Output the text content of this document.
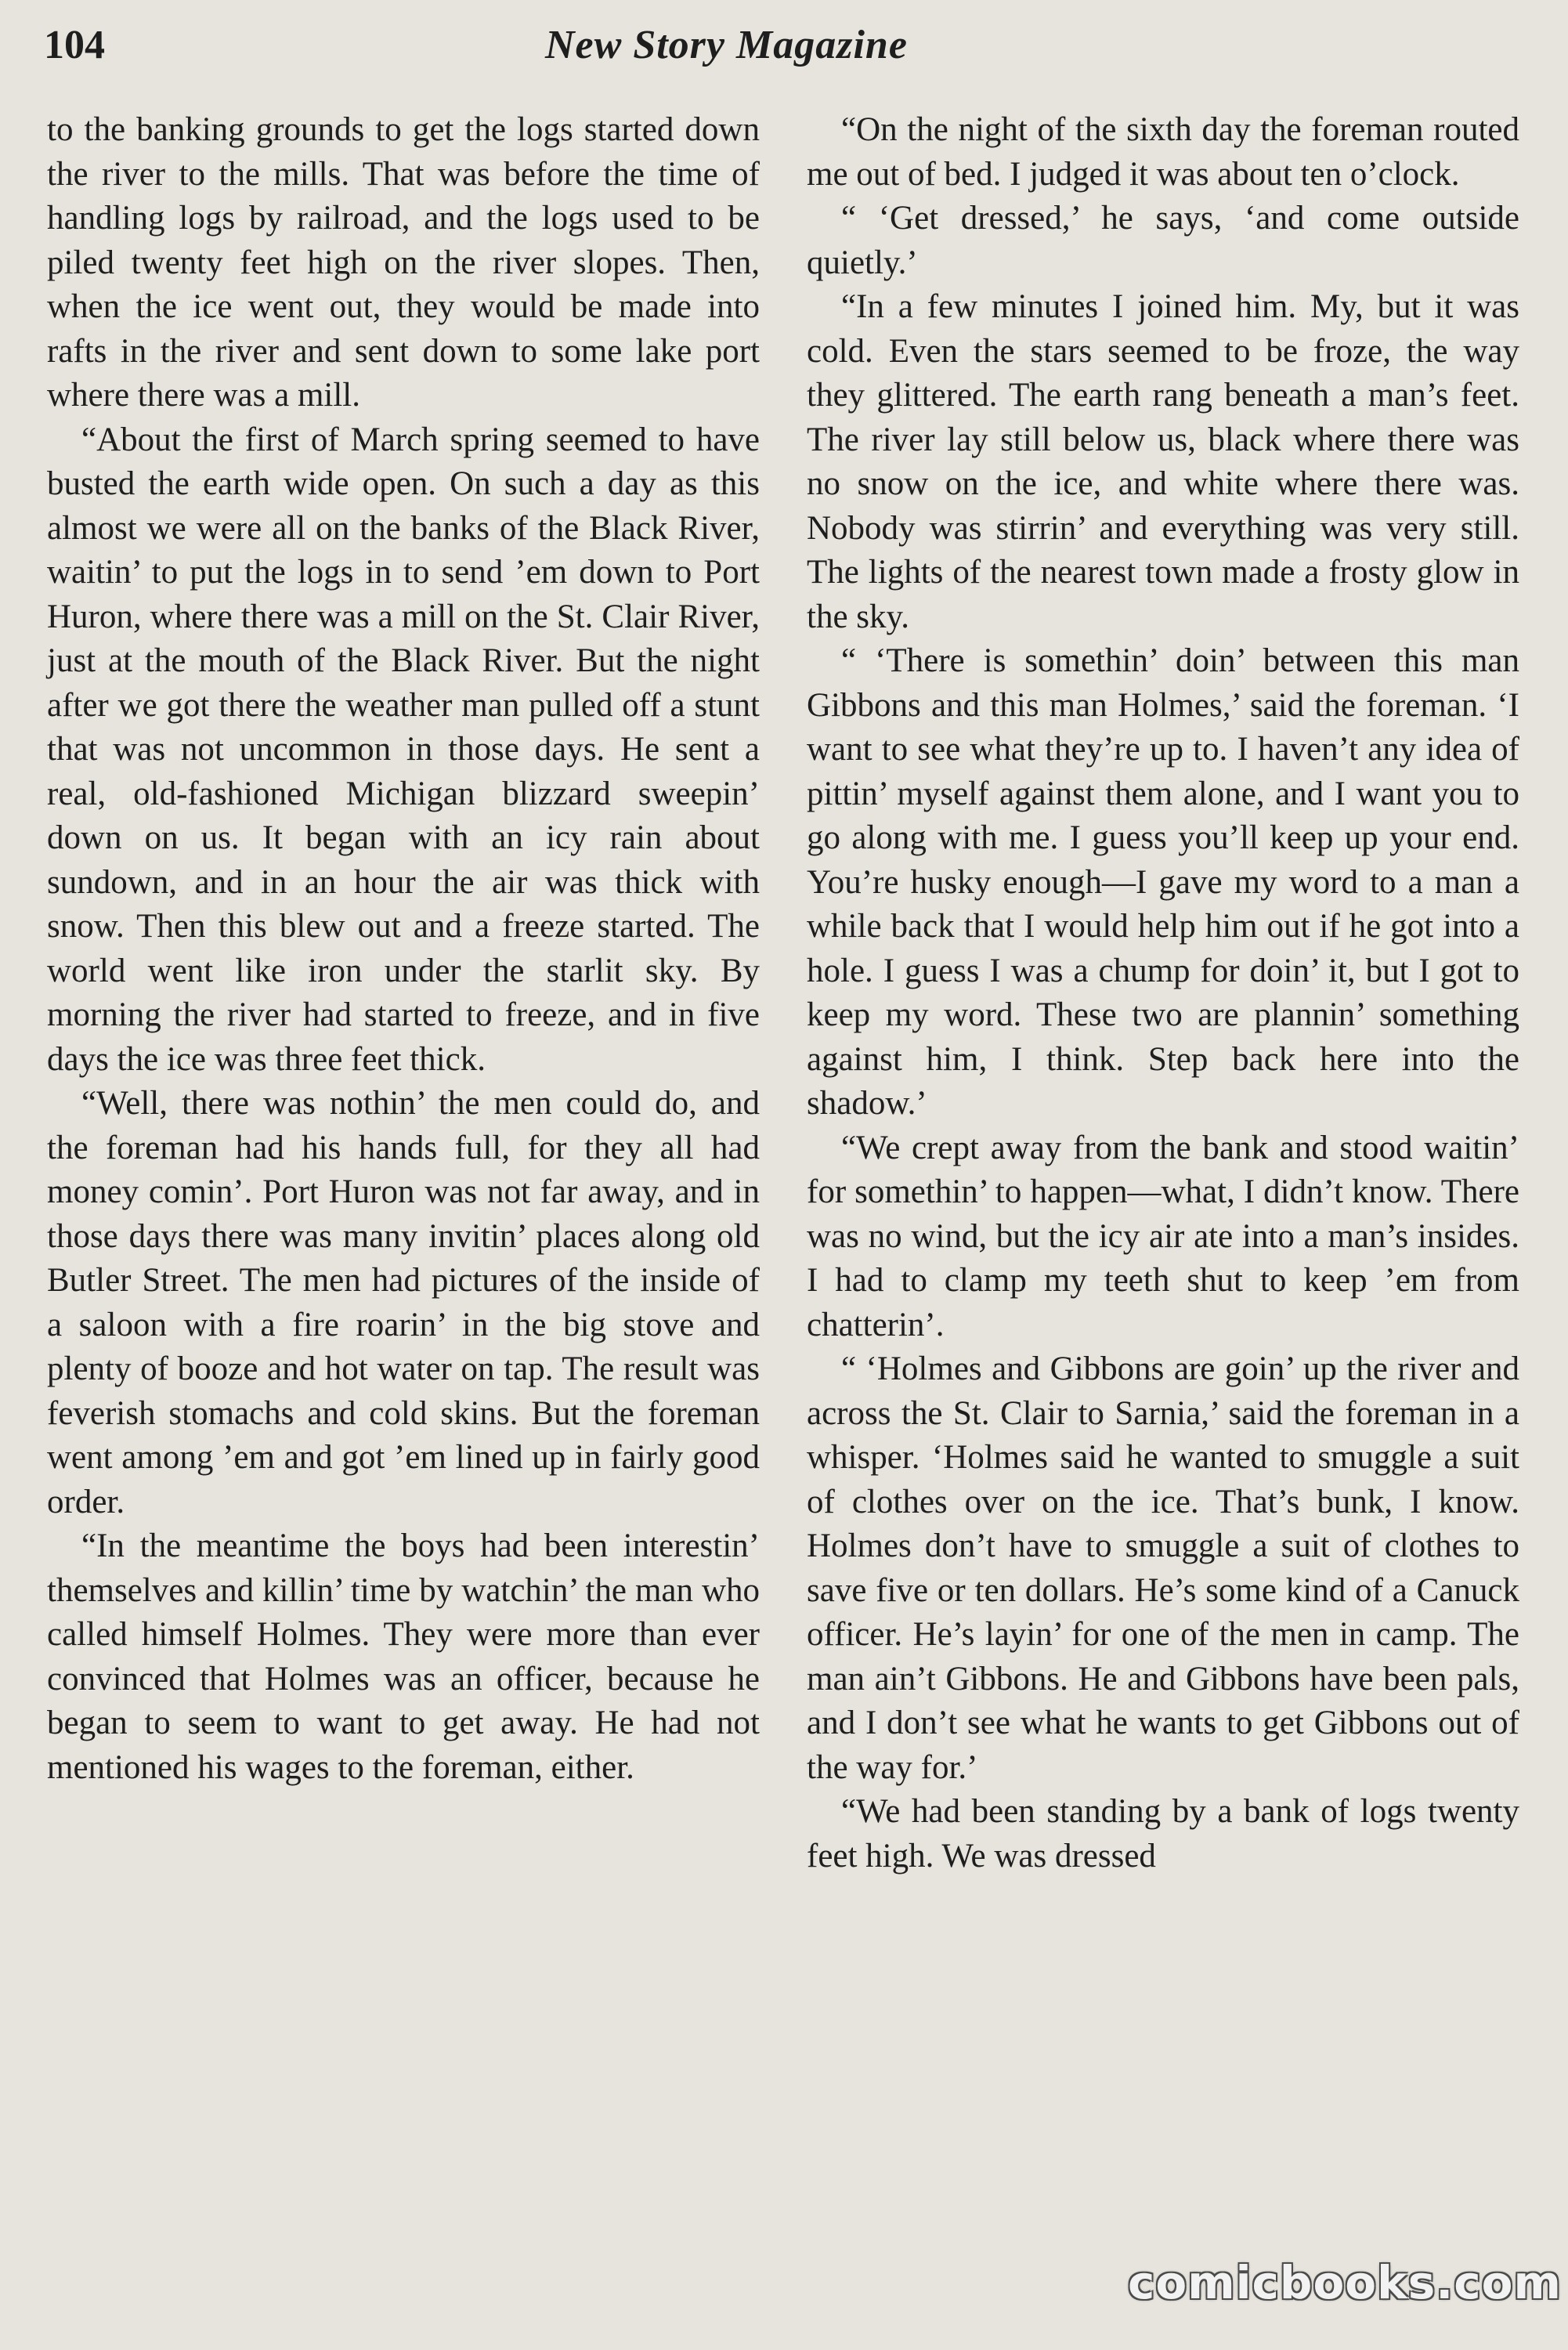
104	New Story Magazine

to the banking grounds to get the logs started down the river to the mills. That was before the time of handling logs by railroad, and the logs used to be piled twenty feet high on the river slopes. Then, when the ice went out, they would be made into rafts in the river and sent down to some lake port where there was a mill.

“About the first of March spring seemed to have busted the earth wide open. On such a day as this almost we were all on the banks of the Black River, waitin’ to put the logs in to send ’em down to Port Huron, where there was a mill on the St. Clair River, just at the mouth of the Black River. But the night after we got there the weather man pulled off a stunt that was not uncommon in those days. He sent a real, old-fashioned Michigan blizzard sweepin’ down on us. It began with an icy rain about sundown, and in an hour the air was thick with snow. Then this blew out and a freeze started. The world went like iron under the starlit sky. By morning the river had started to freeze, and in five days the ice was three feet thick.

“Well, there was nothin’ the men could do, and the foreman had his hands full, for they all had money comin’. Port Huron was not far away, and in those days there was many invitin’ places along old Butler Street. The men had pictures of the inside of a saloon with a fire roarin’ in the big stove and plenty of booze and hot water on tap. The result was feverish stomachs and cold skins. But the foreman went among ’em and got ’em lined up in fairly good order.

“In the meantime the boys had been interestin’ themselves and killin’ time by watchin’ the man who called himself Holmes. They were more than ever convinced that Holmes was an officer, because he began to seem to want to get away. He had not mentioned his wages to the foreman, either.

“On the night of the sixth day the foreman routed me out of bed. I judged it was about ten o’clock.

“ ‘Get dressed,’ he says, ‘and come outside quietly.’

“In a few minutes I joined him. My, but it was cold. Even the stars seemed to be froze, the way they glittered. The earth rang beneath a man’s feet. The river lay still below us, black where there was no snow on the ice, and white where there was. Nobody was stirrin’ and everything was very still. The lights of the nearest town made a frosty glow in the sky.

“ ‘There is somethin’ doin’ between this man Gibbons and this man Holmes,’ said the foreman. ‘I want to see what they’re up to. I haven’t any idea of pittin’ myself against them alone, and I want you to go along with me. I guess you’ll keep up your end. You’re husky enough—I gave my word to a man a while back that I would help him out if he got into a hole. I guess I was a chump for doin’ it, but I got to keep my word. These two are plannin’ something against him, I think. Step back here into the shadow.’

“We crept away from the bank and stood waitin’ for somethin’ to happen—what, I didn’t know. There was no wind, but the icy air ate into a man’s insides. I had to clamp my teeth shut to keep ’em from chatterin’.

“ ‘Holmes and Gibbons are goin’ up the river and across the St. Clair to Sarnia,’ said the foreman in a whisper. ‘Holmes said he wanted to smuggle a suit of clothes over on the ice. That’s bunk, I know. Holmes don’t have to smuggle a suit of clothes to save five or ten dollars. He’s some kind of a Canuck officer. He’s layin’ for one of the men in camp. The man ain’t Gibbons. He and Gibbons have been pals, and I don’t see what he wants to get Gibbons out of the way for.’

“We had been standing by a bank of logs twenty feet high. We was dressed

comicbooks.com
